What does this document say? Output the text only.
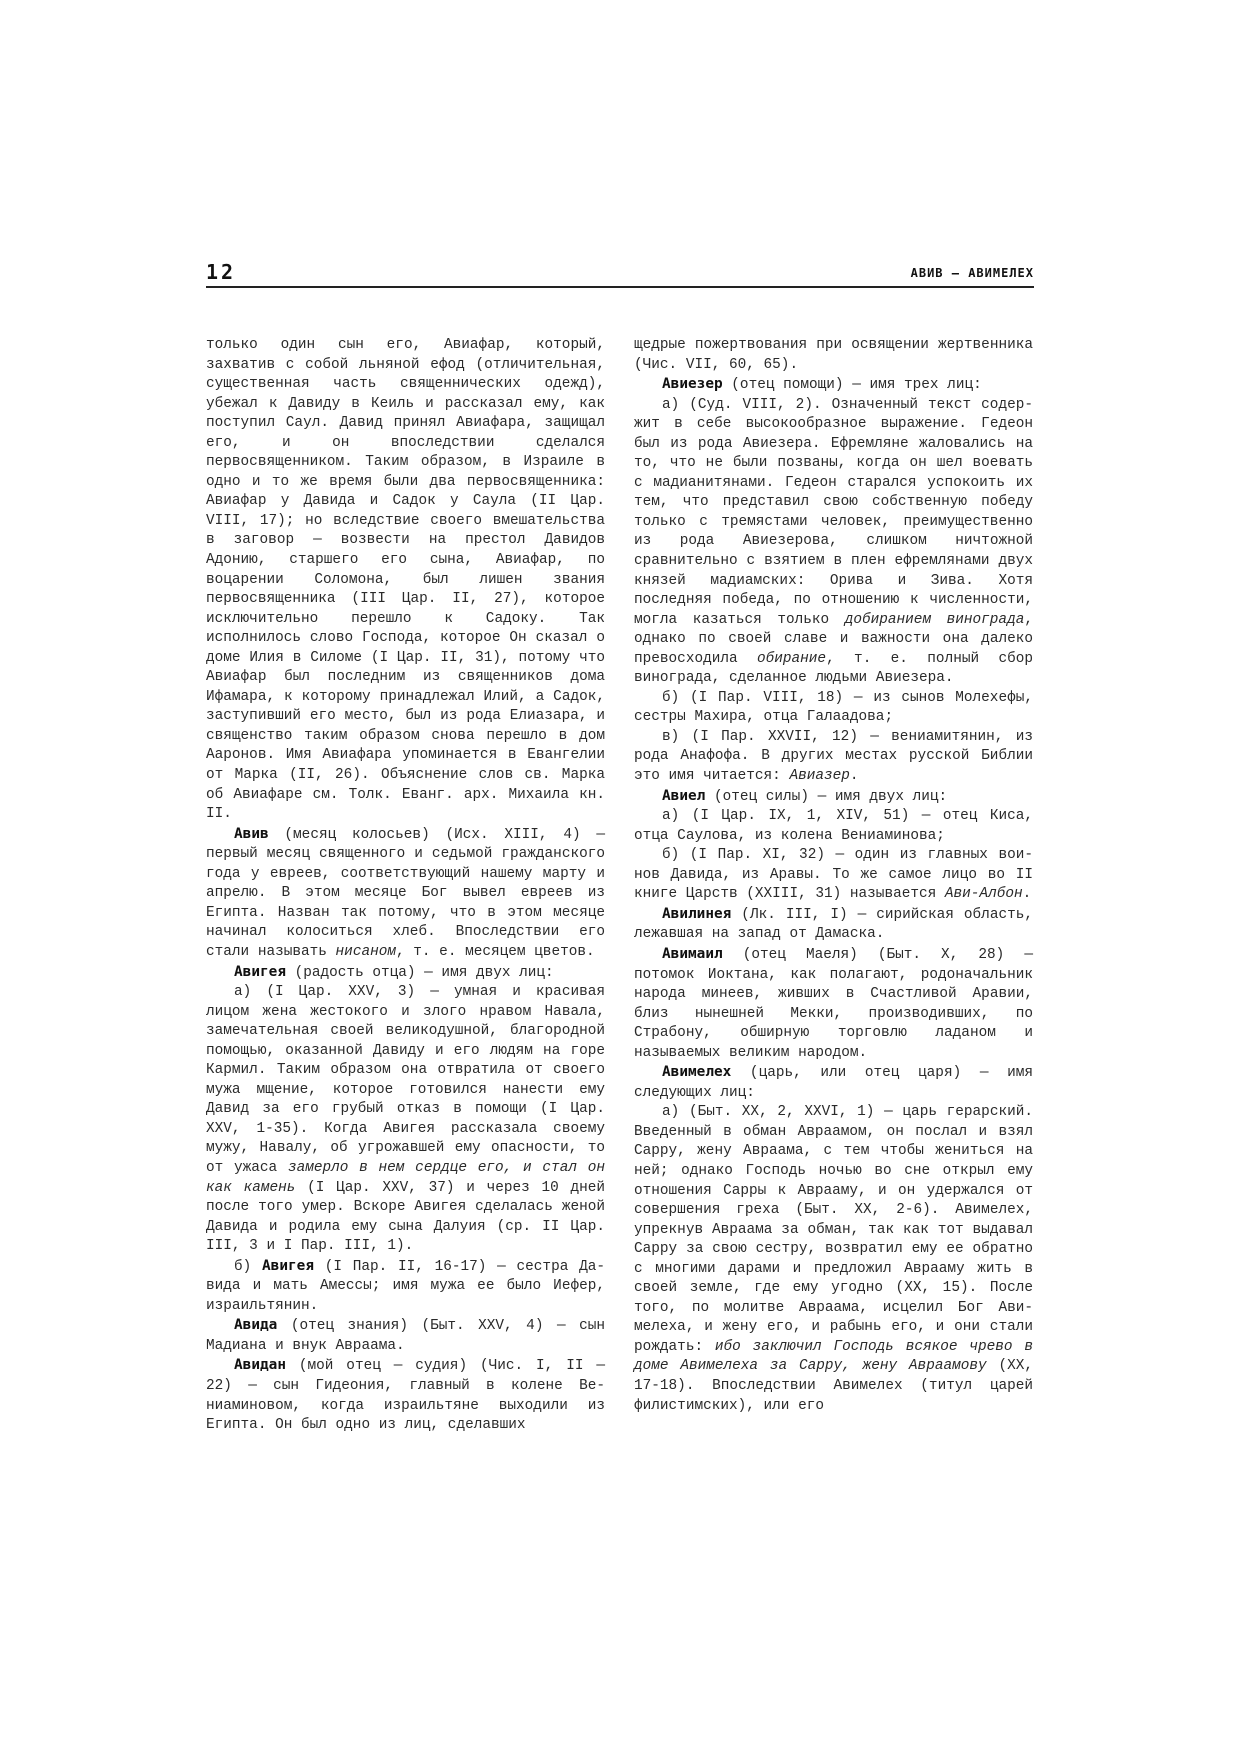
12	АВИВ — АВИМЕЛЕХ

только один сын его, Авиафар, который, захватив с собой льняной ефод (отличительная, существенная часть священнических одежд), убежал к Давиду в Кеиль и рассказал ему, как поступил Саул. Давид принял Авиафара, защищал его, и он впоследствии сделался первосвященником. Таким образом, в Израиле в одно и то же время были два первосвященника: Авиафар у Давида и Садок у Саула (II Цар. VIII, 17); но вследствие своего вмешательства в заговор — возвести на престол Давидов Адонию, старшего его сына, Авиафар, по воцарении Соломона, был лишен звания первосвященника (III Цар. II, 27), которое исключительно перешло к Садоку. Так исполнилось слово Господа, которое Он сказал о доме Илия в Силоме (I Цар. II, 31), потому что Авиафар был последним из священников дома Ифамара, к которому принадлежал Илий, а Садок, заступивший его место, был из рода Елиазара, и священство таким образом снова перешло в дом Ааронов. Имя Авиафара упоминается в Евангелии от Марка (II, 26). Объяснение слов св. Марка об Авиафаре см. Толк. Еванг. арх. Михаила кн. II.

Авив (месяц колосьев) (Исх. XIII, 4) — первый месяц священного и седьмой гражданского года у евреев, соответствующий нашему марту и апрелю. В этом месяце Бог вывел евреев из Египта. Назван так потому, что в этом месяце начинал колоситься хлеб. Впоследствии его стали называть нисаном, т. е. месяцем цветов.

Авигея (радость отца) — имя двух лиц:

а) (I Цар. XXV, 3) — умная и красивая лицом жена жестокого и злого нравом Навала, замечательная своей великодушной, благородной помощью, оказанной Давиду и его людям на горе Кармил. Таким образом она отвратила от своего мужа мщение, которое готовился нанести ему Давид за его грубый отказ в помощи (I Цар. XXV, 1-35). Когда Авигея рассказала своему мужу, Навалу, об угрожавшей ему опасности, то от ужаса замерло в нем сердце его, и стал он как камень (I Цар. XXV, 37) и через 10 дней после того умер. Вскоре Авигея сделалась женой Давида и родила ему сына Далуия (ср. II Цар. III, 3 и I Пар. III, 1).

б) Авигея (I Пар. II, 16-17) — сестра Давида и мать Амессы; имя мужа ее было Иефер, израильтянин.

Авида (отец знания) (Быт. XXV, 4) — сын Мадиана и внук Авраама.

Авидан (мой отец — судия) (Чис. I, II — 22) — сын Гидеония, главный в колене Вениаминовом, когда израильтяне выходили из Египта. Он был одно из лиц, сделавших

щедрые пожертвования при освящении жертвенника (Чис. VII, 60, 65).

Авиезер (отец помощи) — имя трех лиц:

а) (Суд. VIII, 2). Означенный текст содержит в себе высокообразное выражение. Гедеон был из рода Авиезера. Ефремляне жаловались на то, что не были позваны, когда он шел воевать с мадианитянами. Гедеон старался успокоить их тем, что представил свою собственную победу только с тремястами человек, преимущественно из рода Авиезерова, слишком ничтожной сравнительно с взятием в плен ефремлянами двух князей мадиамских: Орива и Зива. Хотя последняя победа, по отношению к численности, могла казаться только добиранием винограда, однако по своей славе и важности она далеко превосходила обирание, т. е. полный сбор винограда, сделанное людьми Авиезера.

б) (I Пар. VIII, 18) — из сынов Молехефы, сестры Махира, отца Галаадова;

в) (I Пар. XXVII, 12) — вениамитянин, из рода Анафофа. В других местах русской Библии это имя читается: Авиазер.

Авиел (отец силы) — имя двух лиц:

а) (I Цар. IX, 1, XIV, 51) — отец Киса, отца Саулова, из колена Вениаминова;

б) (I Пар. XI, 32) — один из главных воинов Давида, из Аравы. То же самое лицо во II книге Царств (XXIII, 31) называется Ави-Албон.

Авилинея (Лк. III, I) — сирийская область, лежавшая на запад от Дамаска.

Авимаил (отец Маеля) (Быт. X, 28) — потомок Иоктана, как полагают, родоначальник народа минеев, живших в Счастливой Аравии, близ нынешней Мекки, производивших, по Страбону, обширную торговлю ладаном и называемых великим народом.

Авимелех (царь, или отец царя) — имя следующих лиц:

а) (Быт. XX, 2, XXVI, 1) — царь герарский. Введенный в обман Авраамом, он послал и взял Сарру, жену Авраама, с тем чтобы жениться на ней; однако Господь ночью во сне открыл ему отношения Сарры к Аврааму, и он удержался от совершения греха (Быт. XX, 2-6). Авимелех, упрекнув Авраама за обман, так как тот выдавал Сарру за свою сестру, возвратил ему ее обратно с многими дарами и предложил Аврааму жить в своей земле, где ему угодно (XX, 15). После того, по молитве Авраама, исцелил Бог Авимелеха, и жену его, и рабынь его, и они стали рождать: ибо заключил Господь всякое чрево в доме Авимелеха за Сарру, жену Авраамову (XX, 17-18). Впоследствии Авимелех (титул царей филистимских), или его
